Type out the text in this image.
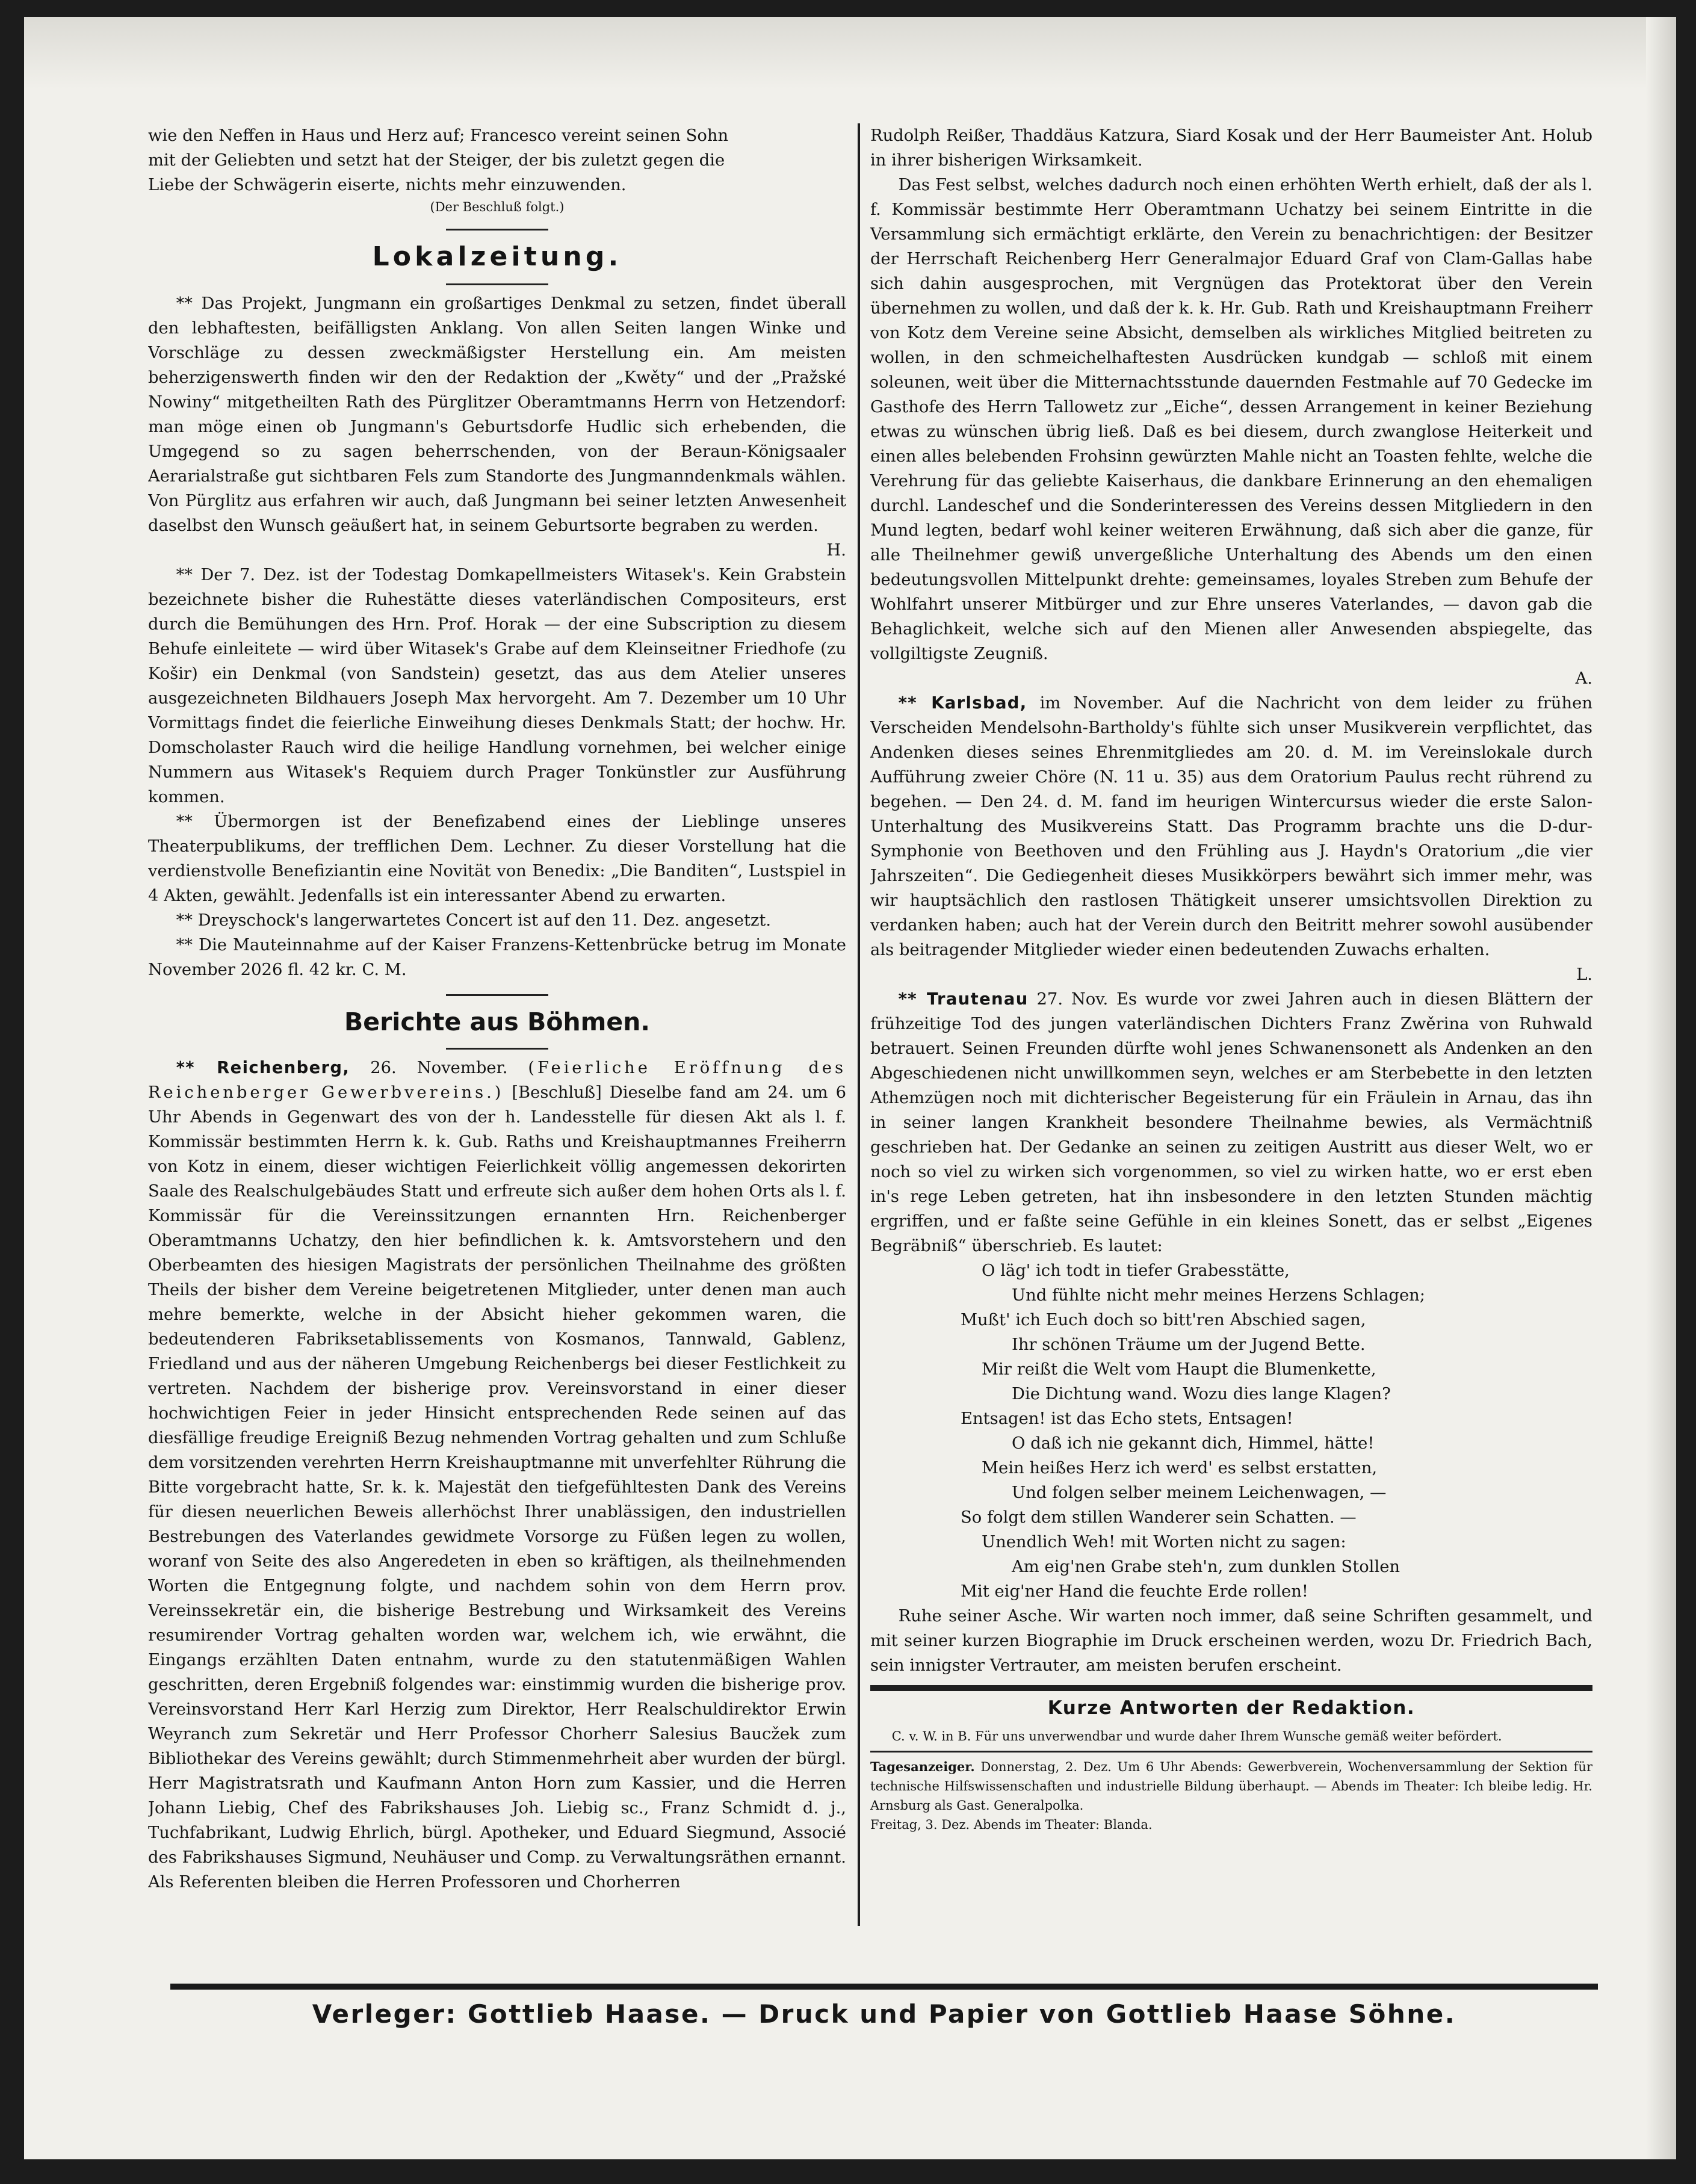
wie den Neffen in Haus und Herz auf; Francesco vereint seinen Sohn

mit der Geliebten und setzt hat der Steiger, der bis zuletzt gegen die

Liebe der Schwägerin eiserte, nichts mehr einzuwenden.

(Der Beschluß folgt.)

Lokalzeitung.

** Das Projekt, Jungmann ein großartiges Denkmal zu setzen, findet überall den lebhaftesten, beifälligsten Anklang. Von allen Seiten langen Winke und Vorschläge zu dessen zweckmäßigster Herstellung ein. Am meisten beherzigenswerth finden wir den der Redaktion der „Kwěty“ und der „Pražské Nowiny“ mitgetheilten Rath des Pürglitzer Oberamtmanns Herrn von Hetzendorf: man möge einen ob Jungmann's Geburtsdorfe Hudlic sich erhebenden, die Umgegend so zu sagen beherrschenden, von der Beraun-Königsaaler Aerarialstraße gut sichtbaren Fels zum Standorte des Jungmanndenkmals wählen. Von Pürglitz aus erfahren wir auch, daß Jungmann bei seiner letzten Anwesenheit daselbst den Wunsch geäußert hat, in seinem Geburtsorte begraben zu werden.

H.

** Der 7. Dez. ist der Todestag Domkapellmeisters Witasek's. Kein Grabstein bezeichnete bisher die Ruhestätte dieses vaterländischen Compositeurs, erst durch die Bemühungen des Hrn. Prof. Horak — der eine Subscription zu diesem Behufe einleitete — wird über Witasek's Grabe auf dem Kleinseitner Friedhofe (zu Košir) ein Denkmal (von Sandstein) gesetzt, das aus dem Atelier unseres ausgezeichneten Bildhauers Joseph Max hervorgeht. Am 7. Dezember um 10 Uhr Vormittags findet die feierliche Einweihung dieses Denkmals Statt; der hochw. Hr. Domscholaster Rauch wird die heilige Handlung vornehmen, bei welcher einige Nummern aus Witasek's Requiem durch Prager Tonkünstler zur Ausführung kommen.

** Übermorgen ist der Benefizabend eines der Lieblinge unseres Theaterpublikums, der trefflichen Dem. Lechner. Zu dieser Vorstellung hat die verdienstvolle Benefiziantin eine Novität von Benedix: „Die Banditen“, Lustspiel in 4 Akten, gewählt. Jedenfalls ist ein interessanter Abend zu erwarten.

** Dreyschock's langerwartetes Concert ist auf den 11. Dez. angesetzt.

** Die Mauteinnahme auf der Kaiser Franzens-Kettenbrücke betrug im Monate November 2026 fl. 42 kr. C. M.

Berichte aus Böhmen.

** Reichenberg, 26. November. (Feierliche Eröffnung des Reichenberger Gewerbvereins.) [Beschluß] Dieselbe fand am 24. um 6 Uhr Abends in Gegenwart des von der h. Landesstelle für diesen Akt als l. f. Kommissär bestimmten Herrn k. k. Gub. Raths und Kreishauptmannes Freiherrn von Kotz in einem, dieser wichtigen Feierlichkeit völlig angemessen dekorirten Saale des Realschulgebäudes Statt und erfreute sich außer dem hohen Orts als l. f. Kommissär für die Vereinssitzungen ernannten Hrn. Reichenberger Oberamtmanns Uchatzy, den hier befindlichen k. k. Amtsvorstehern und den Oberbeamten des hiesigen Magistrats der persönlichen Theilnahme des größten Theils der bisher dem Vereine beigetretenen Mitglieder, unter denen man auch mehre bemerkte, welche in der Absicht hieher gekommen waren, die bedeutenderen Fabriksetablissements von Kosmanos, Tannwald, Gablenz, Friedland und aus der näheren Umgebung Reichenbergs bei dieser Festlichkeit zu vertreten. Nachdem der bisherige prov. Vereinsvorstand in einer dieser hochwichtigen Feier in jeder Hinsicht entsprechenden Rede seinen auf das diesfällige freudige Ereigniß Bezug nehmenden Vortrag gehalten und zum Schluße dem vorsitzenden verehrten Herrn Kreishauptmanne mit unverfehlter Rührung die Bitte vorgebracht hatte, Sr. k. k. Majestät den tiefgefühltesten Dank des Vereins für diesen neuerlichen Beweis allerhöchst Ihrer unablässigen, den industriellen Bestrebungen des Vaterlandes gewidmete Vorsorge zu Füßen legen zu wollen, woranf von Seite des also Angeredeten in eben so kräftigen, als theilnehmenden Worten die Entgegnung folgte, und nachdem sohin von dem Herrn prov. Vereinssekretär ein, die bisherige Bestrebung und Wirksamkeit des Vereins resumirender Vortrag gehalten worden war, welchem ich, wie erwähnt, die Eingangs erzählten Daten entnahm, wurde zu den statutenmäßigen Wahlen geschritten, deren Ergebniß folgendes war: einstimmig wurden die bisherige prov. Vereinsvorstand Herr Karl Herzig zum Direktor, Herr Realschuldirektor Erwin Weyranch zum Sekretär und Herr Professor Chorherr Salesius Baucžek zum Bibliothekar des Vereins gewählt; durch Stimmenmehrheit aber wurden der bürgl. Herr Magistratsrath und Kaufmann Anton Horn zum Kassier, und die Herren Johann Liebig, Chef des Fabrikshauses Joh. Liebig sc., Franz Schmidt d. j., Tuchfabrikant, Ludwig Ehrlich, bürgl. Apotheker, und Eduard Siegmund, Associé des Fabrikshauses Sigmund, Neuhäuser und Comp. zu Verwaltungsräthen ernannt. Als Referenten bleiben die Herren Professoren und Chorherren

Rudolph Reißer, Thaddäus Katzura, Siard Kosak und der Herr Baumeister Ant. Holub in ihrer bisherigen Wirksamkeit.

Das Fest selbst, welches dadurch noch einen erhöhten Werth erhielt, daß der als l. f. Kommissär bestimmte Herr Oberamtmann Uchatzy bei seinem Eintritte in die Versammlung sich ermächtigt erklärte, den Verein zu benachrichtigen: der Besitzer der Herrschaft Reichenberg Herr Generalmajor Eduard Graf von Clam-Gallas habe sich dahin ausgesprochen, mit Vergnügen das Protektorat über den Verein übernehmen zu wollen, und daß der k. k. Hr. Gub. Rath und Kreishauptmann Freiherr von Kotz dem Vereine seine Absicht, demselben als wirkliches Mitglied beitreten zu wollen, in den schmeichelhaftesten Ausdrücken kundgab — schloß mit einem soleunen, weit über die Mitternachtsstunde dauernden Festmahle auf 70 Gedecke im Gasthofe des Herrn Tallowetz zur „Eiche“, dessen Arrangement in keiner Beziehung etwas zu wünschen übrig ließ. Daß es bei diesem, durch zwanglose Heiterkeit und einen alles belebenden Frohsinn gewürzten Mahle nicht an Toasten fehlte, welche die Verehrung für das geliebte Kaiserhaus, die dankbare Erinnerung an den ehemaligen durchl. Landeschef und die Sonderinteressen des Vereins dessen Mitgliedern in den Mund legten, bedarf wohl keiner weiteren Erwähnung, daß sich aber die ganze, für alle Theilnehmer gewiß unvergeßliche Unterhaltung des Abends um den einen bedeutungsvollen Mittelpunkt drehte: gemeinsames, loyales Streben zum Behufe der Wohlfahrt unserer Mitbürger und zur Ehre unseres Vaterlandes, — davon gab die Behaglichkeit, welche sich auf den Mienen aller Anwesenden abspiegelte, das vollgiltigste Zeugniß.

A.

** Karlsbad, im November. Auf die Nachricht von dem leider zu frühen Verscheiden Mendelsohn-Bartholdy's fühlte sich unser Musikverein verpflichtet, das Andenken dieses seines Ehrenmitgliedes am 20. d. M. im Vereinslokale durch Aufführung zweier Chöre (N. 11 u. 35) aus dem Oratorium Paulus recht rührend zu begehen. — Den 24. d. M. fand im heurigen Wintercursus wieder die erste Salon-Unterhaltung des Musikvereins Statt. Das Programm brachte uns die D-dur-Symphonie von Beethoven und den Frühling aus J. Haydn's Oratorium „die vier Jahrszeiten“. Die Gediegenheit dieses Musikkörpers bewährt sich immer mehr, was wir hauptsächlich den rastlosen Thätigkeit unserer umsichtsvollen Direktion zu verdanken haben; auch hat der Verein durch den Beitritt mehrer sowohl ausübender als beitragender Mitglieder wieder einen bedeutenden Zuwachs erhalten.

L.

** Trautenau 27. Nov. Es wurde vor zwei Jahren auch in diesen Blättern der frühzeitige Tod des jungen vaterländischen Dichters Franz Zwěrina von Ruhwald betrauert. Seinen Freunden dürfte wohl jenes Schwanensonett als Andenken an den Abgeschiedenen nicht unwillkommen seyn, welches er am Sterbebette in den letzten Athemzügen noch mit dichterischer Begeisterung für ein Fräulein in Arnau, das ihn in seiner langen Krankheit besondere Theilnahme bewies, als Vermächtniß geschrieben hat. Der Gedanke an seinen zu zeitigen Austritt aus dieser Welt, wo er noch so viel zu wirken sich vorgenommen, so viel zu wirken hatte, wo er erst eben in's rege Leben getreten, hat ihn insbesondere in den letzten Stunden mächtig ergriffen, und er faßte seine Gefühle in ein kleines Sonett, das er selbst „Eigenes Begräbniß“ überschrieb. Es lautet:

O läg' ich todt in tiefer Grabesstätte,

Und fühlte nicht mehr meines Herzens Schlagen;

Mußt' ich Euch doch so bitt'ren Abschied sagen,

Ihr schönen Träume um der Jugend Bette.

Mir reißt die Welt vom Haupt die Blumenkette,

Die Dichtung wand. Wozu dies lange Klagen?

Entsagen! ist das Echo stets, Entsagen!

O daß ich nie gekannt dich, Himmel, hätte!

Mein heißes Herz ich werd' es selbst erstatten,

Und folgen selber meinem Leichenwagen, —

So folgt dem stillen Wanderer sein Schatten. —

Unendlich Weh! mit Worten nicht zu sagen:

Am eig'nen Grabe steh'n, zum dunklen Stollen

Mit eig'ner Hand die feuchte Erde rollen!

Ruhe seiner Asche. Wir warten noch immer, daß seine Schriften gesammelt, und mit seiner kurzen Biographie im Druck erscheinen werden, wozu Dr. Friedrich Bach, sein innigster Vertrauter, am meisten berufen erscheint.

Kurze Antworten der Redaktion.

C. v. W. in B. Für uns unverwendbar und wurde daher Ihrem Wunsche gemäß weiter befördert.

Tagesanzeiger. Donnerstag, 2. Dez. Um 6 Uhr Abends: Gewerbverein, Wochenversammlung der Sektion für technische Hilfswissenschaften und industrielle Bildung überhaupt. — Abends im Theater: Ich bleibe ledig. Hr. Arnsburg als Gast. Generalpolka.

Freitag, 3. Dez. Abends im Theater: Blanda.

Verleger: Gottlieb Haase. — Druck und Papier von Gottlieb Haase Söhne.
